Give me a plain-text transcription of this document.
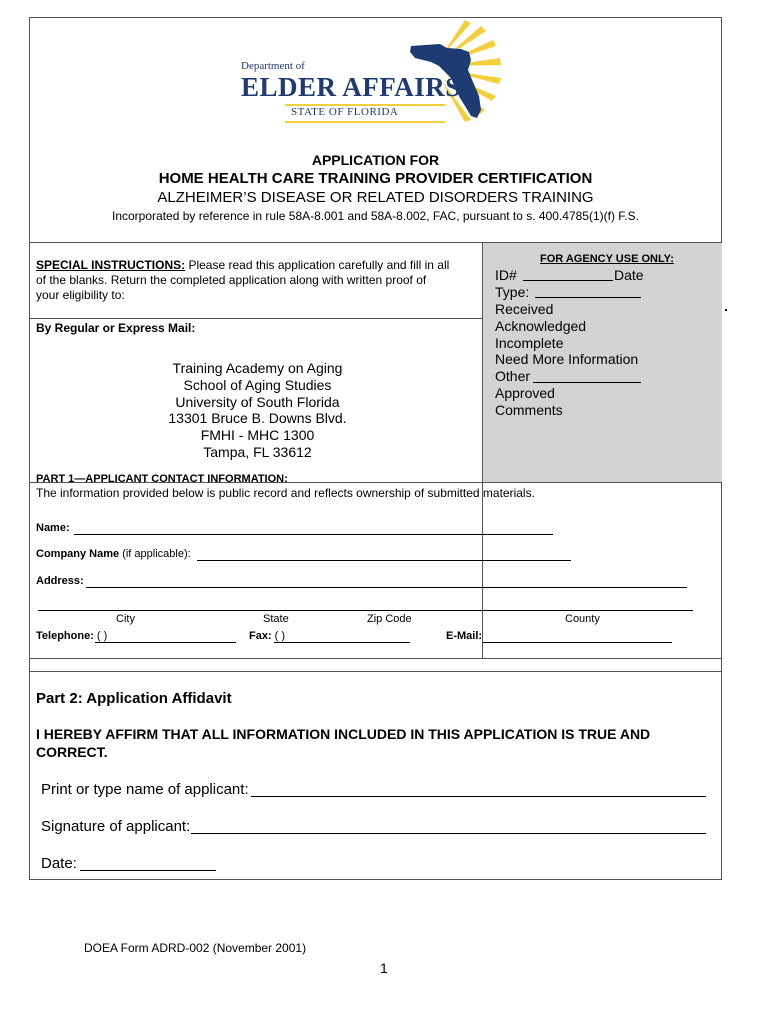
Department of
ELDER AFFAIRS
STATE OF FLORIDA
APPLICATION FOR
HOME HEALTH CARE TRAINING PROVIDER CERTIFICATION
ALZHEIMER’S DISEASE OR RELATED DISORDERS TRAINING
Incorporated by reference in rule 58A-8.001 and 58A-8.002, FAC, pursuant to s. 400.4785(1)(f) F.S.
SPECIAL INSTRUCTIONS: Please read this application carefully and fill in all
of the blanks. Return the completed application along with written proof of
your eligibility to:
By Regular or Express Mail:
Training Academy on Aging
School of Aging Studies
University of South Florida
13301 Bruce B. Downs Blvd.
FMHI - MHC 1300
Tampa, FL 33612
FOR AGENCY USE ONLY:
ID#	Date
Type:
Received
Acknowledged
Incomplete
Need More Information
Other
Approved
Comments
PART 1—APPLICANT CONTACT INFORMATION:
The information provided below is public record and reflects ownership of submitted materials.
Name:
Company Name (if applicable):
Address:
City	State	Zip Code	County
Telephone: ( )	Fax: ( )	E-Mail:
Part 2: Application Affidavit
I HEREBY AFFIRM THAT ALL INFORMATION INCLUDED IN THIS APPLICATION IS TRUE AND CORRECT.
Print or type name of applicant:
Signature of applicant:
Date:
DOEA Form ADRD-002 (November 2001)
1
